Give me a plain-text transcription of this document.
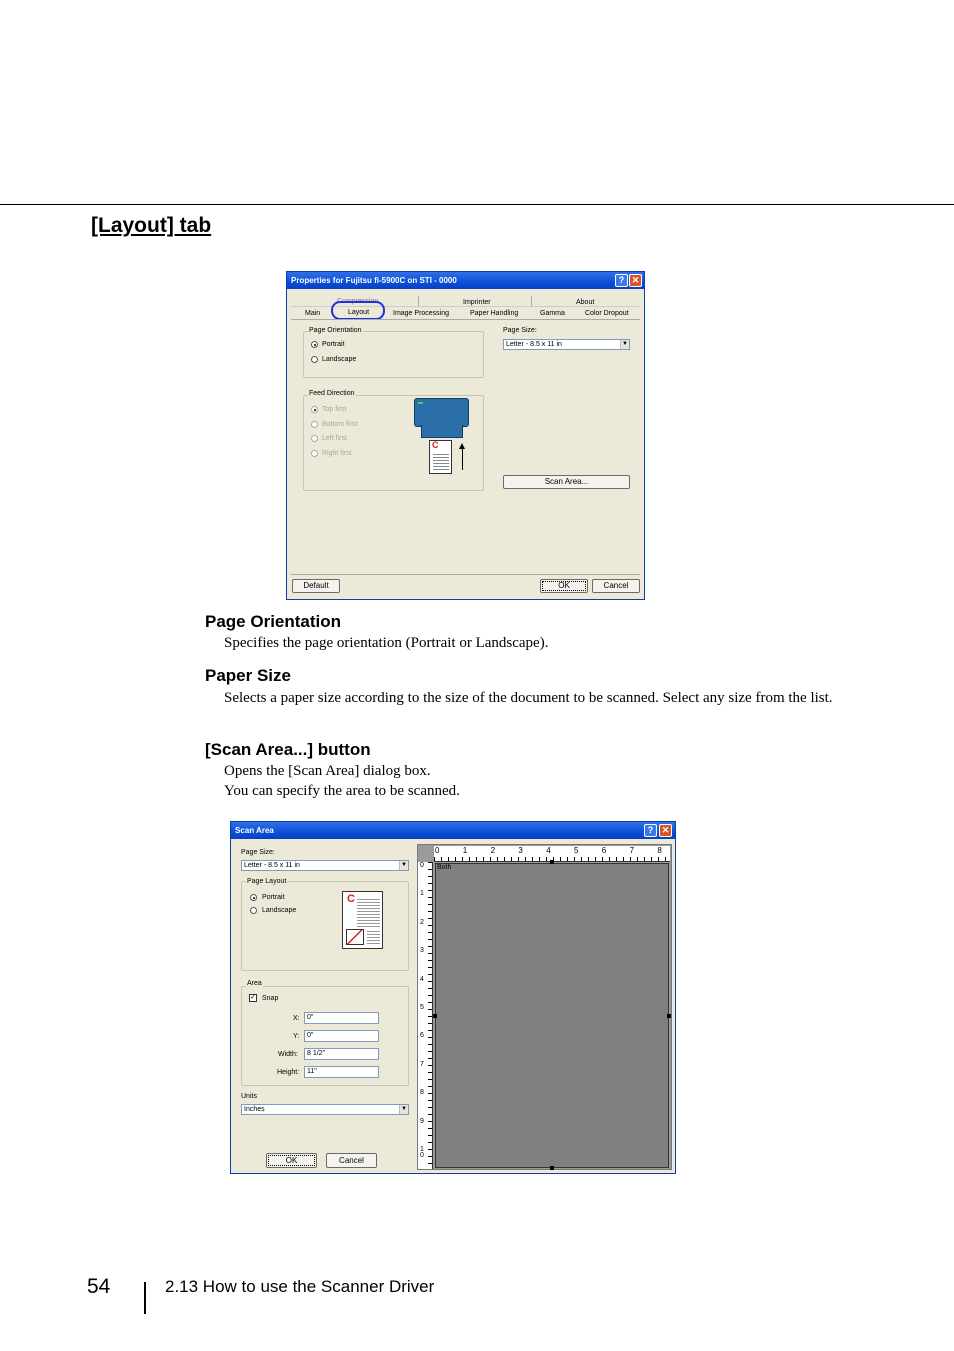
[Layout] tab
Properties for Fujitsu fi-5900C on STI - 0000	? ✕
Compression	Imprinter	About
Main	Layout	Image Processing	Paper Handling	Gamma	Color Dropout
Page Orientation
Portrait
Landscape
Page Size:
Letter - 8.5 x 11 in	▼
Feed Direction
Top first
Bottom first
Left first
Right first
C
Scan Area...
Default	OK	Cancel
Page Orientation
Specifies the page orientation (Portrait or Landscape).
Paper Size
Selects a paper size according to the size of the document to be scanned. Select any size from the list.
[Scan Area...] button
Opens the [Scan Area] dialog box.
You can specify the area to be scanned.
Scan Area	? ✕
Page Size:
Letter - 8.5 x 11 in	▼
Page Layout
Portrait
Landscape
C
Area
✓ Snap
X:	0"
Y:	0"
Width:	8 1/2"
Height:	11"
Units
Inches	▼
OK	Cancel
0	1	2	3	4	5	6	7	8
0
1
2
3
4
5
6
7
8
9
1
0
Both
54	2.13 How to use the Scanner Driver
